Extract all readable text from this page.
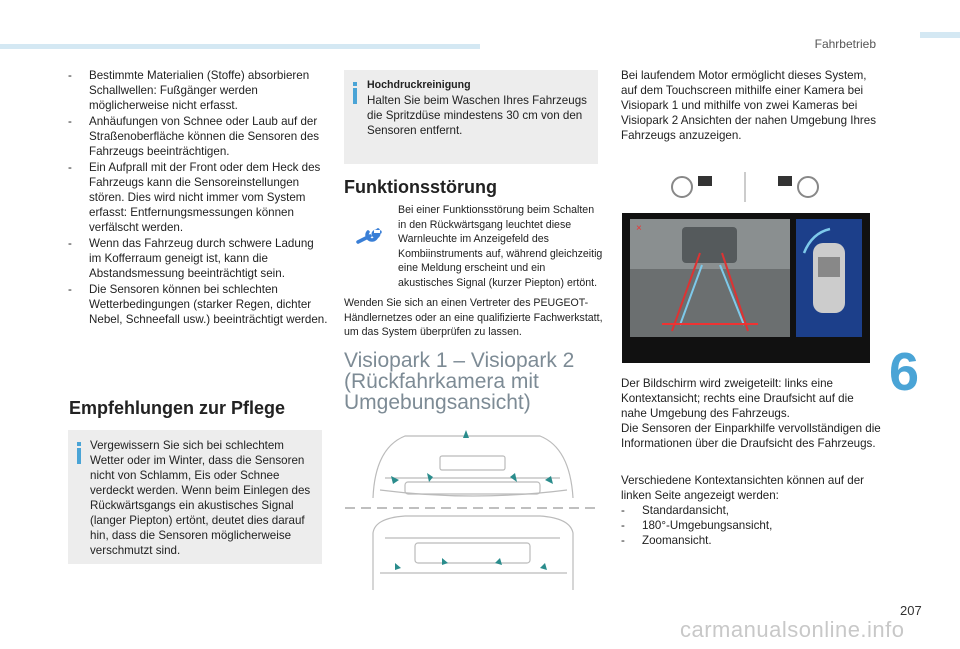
Fahrbetrieb
6
207
carmanualsonline.info
- Bestimmte Materialien (Stoffe) absorbieren Schallwellen: Fußgänger werden möglicherweise nicht erfasst.
- Anhäufungen von Schnee oder Laub auf der Straßenoberfläche können die Sensoren des Fahrzeugs beeinträchtigen.
- Ein Aufprall mit der Front oder dem Heck des Fahrzeugs kann die Sensoreinstellungen stören. Dies wird nicht immer vom System erfasst: Entfernungsmessungen können verfälscht werden.
- Wenn das Fahrzeug durch schwere Ladung im Kofferraum geneigt ist, kann die Abstandsmessung beeinträchtigt sein.
- Die Sensoren können bei schlechten Wetterbedingungen (starker Regen, dichter Nebel, Schneefall usw.) beeinträchtigt werden.
Empfehlungen zur Pflege
Vergewissern Sie sich bei schlechtem Wetter oder im Winter, dass die Sensoren nicht von Schlamm, Eis oder Schnee verdeckt werden. Wenn beim Einlegen des Rückwärtsgangs ein akustisches Signal (langer Piepton) ertönt, deutet dies darauf hin, dass die Sensoren möglicherweise verschmutzt sind.
Hochdruckreinigung
Halten Sie beim Waschen Ihres Fahrzeugs die Spritzdüse mindestens 30 cm von den Sensoren entfernt.
Funktionsstörung
Bei einer Funktionsstörung beim Schalten in den Rückwärtsgang leuchtet diese Warnleuchte im Anzeigefeld des Kombiinstruments auf, während gleichzeitig eine Meldung erscheint und ein akustisches Signal (kurzer Piepton) ertönt.
Wenden Sie sich an einen Vertreter des PEUGEOT-Händlernetzes oder an eine qualifizierte Fachwerkstatt, um das System überprüfen zu lassen.
Visiopark 1 – Visiopark 2 (Rückfahrkamera mit Umgebungsansicht)
Bei laufendem Motor ermöglicht dieses System, auf dem Touchscreen mithilfe einer Kamera bei Visiopark 1 und mithilfe von zwei Kameras bei Visiopark 2 Ansichten der nahen Umgebung Ihres Fahrzeugs anzuzeigen.
×
Der Bildschirm wird zweigeteilt: links eine Kontextansicht; rechts eine Draufsicht auf die nahe Umgebung des Fahrzeugs.
Die Sensoren der Einparkhilfe vervollständigen die Informationen über die Draufsicht des Fahrzeugs.
Verschiedene Kontextansichten können auf der linken Seite angezeigt werden:
- Standardansicht,
- 180°-Umgebungsansicht,
- Zoomansicht.
